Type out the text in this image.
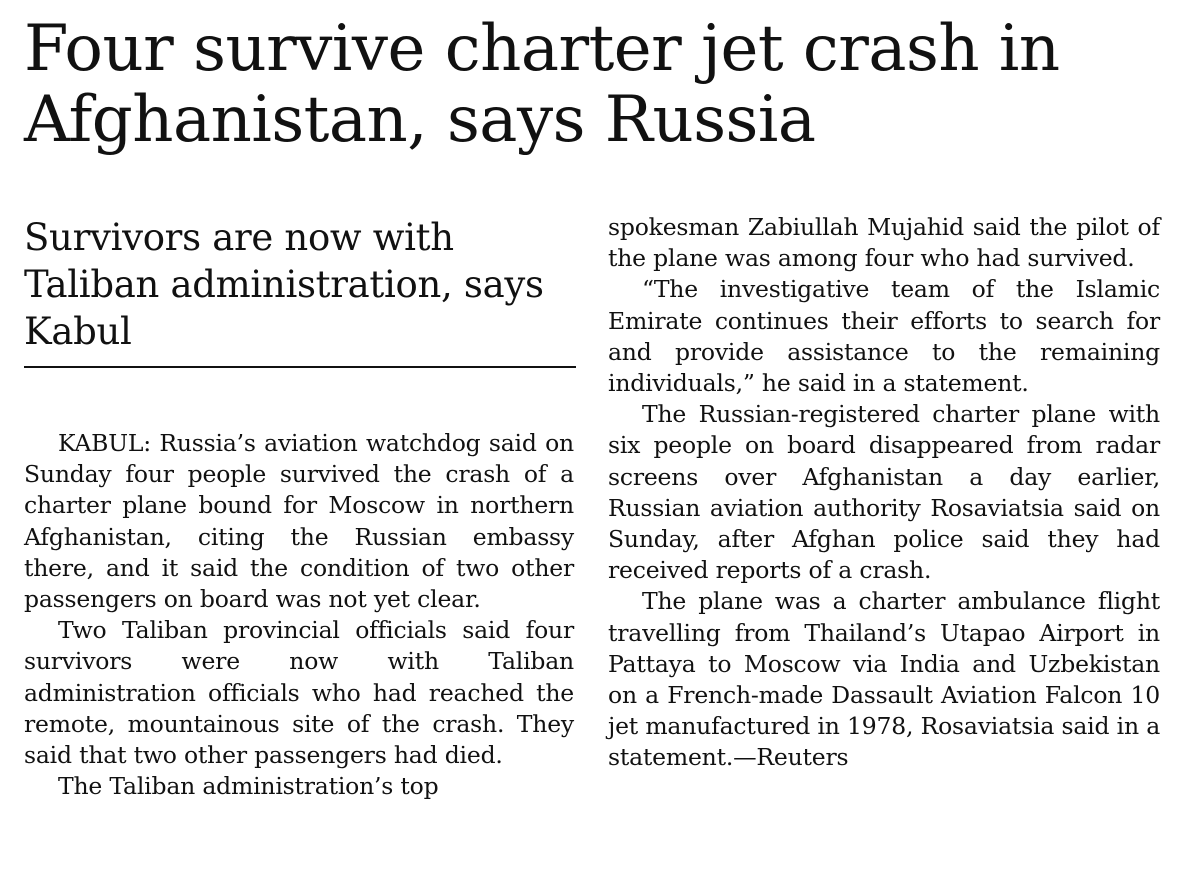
Four survive charter jet crash in Afghanistan, says Russia
Survivors are now with Taliban administration, says Kabul

KABUL: Russia’s aviation watchdog said on Sunday four people survived the crash of a charter plane bound for Moscow in northern Afghanistan, citing the Russian embassy there, and it said the condition of two other passengers on board was not yet clear.

Two Taliban provincial officials said four survivors were now with Taliban administration officials who had reached the remote, mountainous site of the crash. They said that two other passengers had died.

The Taliban administration’s top

spokesman Zabiullah Mujahid said the pilot of the plane was among four who had survived.

“The investigative team of the Islamic Emirate continues their efforts to search for and provide assistance to the remaining individuals,” he said in a statement.

The Russian-registered charter plane with six people on board disappeared from radar screens over Afghanistan a day earlier, Russian aviation authority Rosaviatsia said on Sunday, after Afghan police said they had received reports of a crash.

The plane was a charter ambulance flight travelling from Thailand’s Utapao Airport in Pattaya to Moscow via India and Uzbekistan on a French-made Dassault Aviation Falcon 10 jet manufactured in 1978, Rosaviatsia said in a statement.—Reuters
